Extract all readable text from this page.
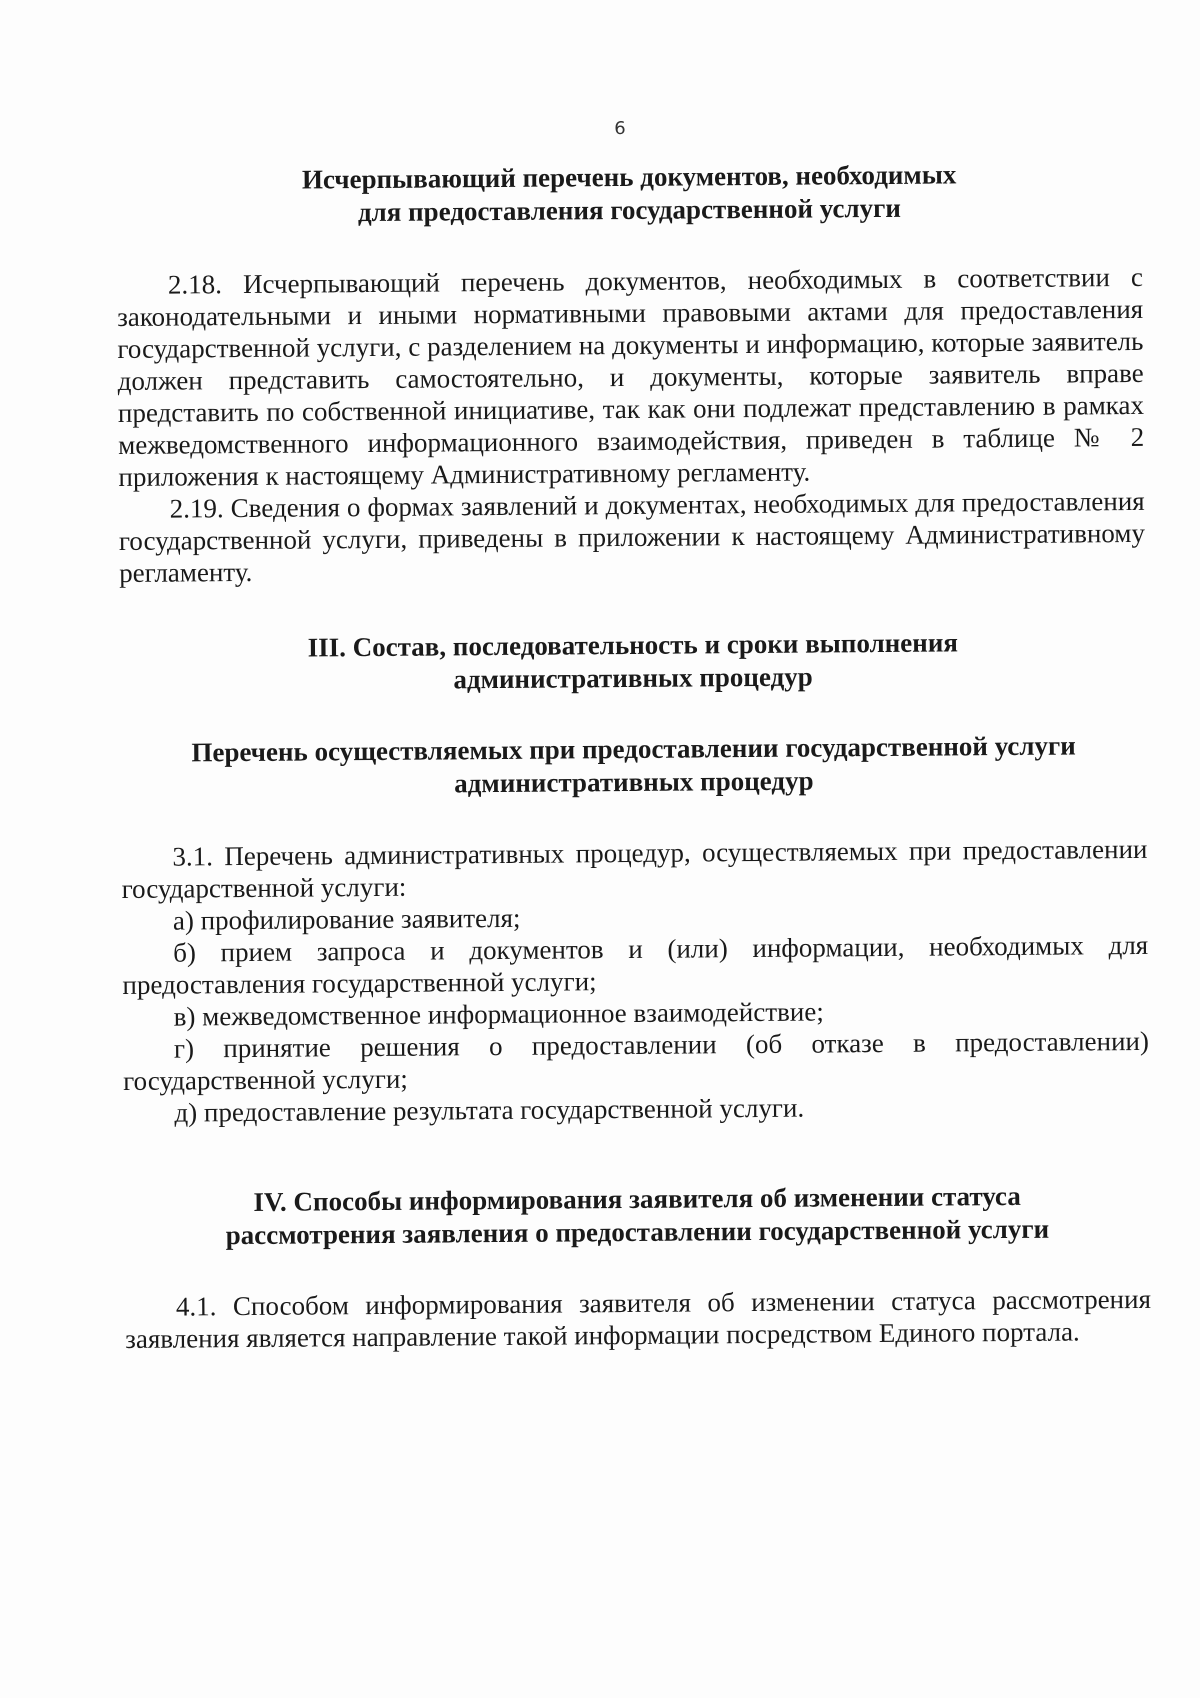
6
Исчерпывающий перечень документов, необходимых
для предоставления государственной услуги

2.18. Исчерпывающий перечень документов, необходимых в соответствии с законодательными и иными нормативными правовыми актами для предоставления государственной услуги, с разделением на документы и информацию, которые заявитель должен представить самостоятельно, и документы, которые заявитель вправе представить по собственной инициативе, так как они подлежат представлению в рамках межведомственного информационного взаимодействия, приведен в таблице № 2 приложения к настоящему Административному регламенту.

2.19. Сведения о формах заявлений и документах, необходимых для предоставления государственной услуги, приведены в приложении к настоящему Административному регламенту.

III. Состав, последовательность и сроки выполнения
административных процедур
Перечень осуществляемых при предоставлении государственной услуги
административных процедур

3.1. Перечень административных процедур, осуществляемых при предоставлении государственной услуги:

а) профилирование заявителя;

б) прием запроса и документов и (или) информации, необходимых для предоставления государственной услуги;

в) межведомственное информационное взаимодействие;

г) принятие решения о предоставлении (об отказе в предоставлении) государственной услуги;

д) предоставление результата государственной услуги.

IV. Способы информирования заявителя об изменении статуса
рассмотрения заявления о предоставлении государственной услуги

4.1. Способом информирования заявителя об изменении статуса рассмотрения заявления является направление такой информации посредством Единого портала.
